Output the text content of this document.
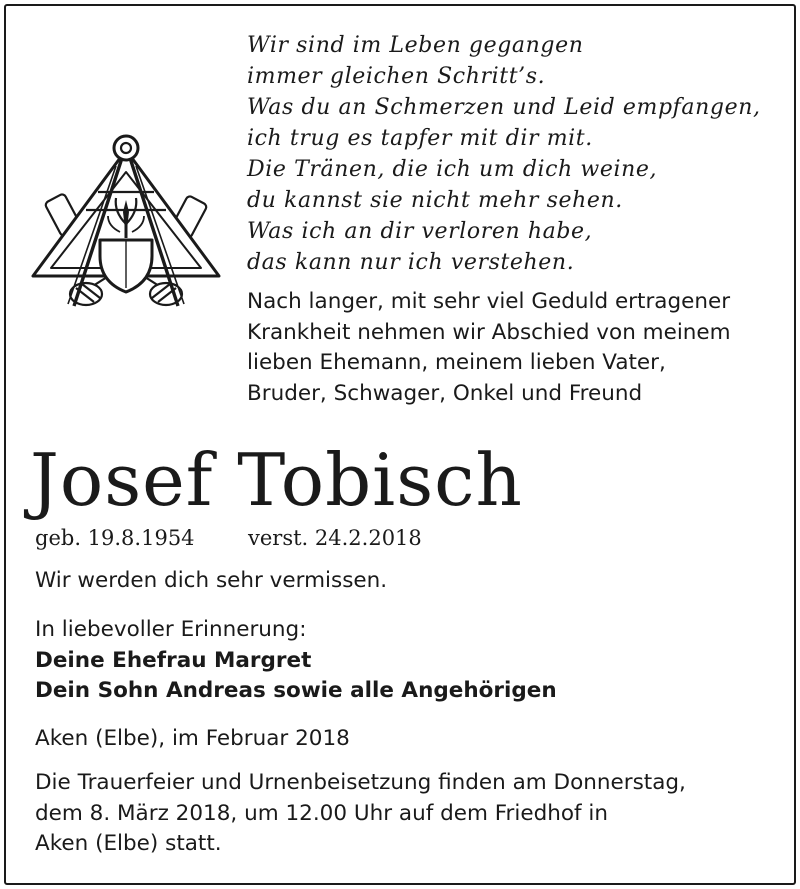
Wir sind im Leben gegangen
immer gleichen Schritt’s.
Was du an Schmerzen und Leid empfangen,
ich trug es tapfer mit dir mit.
Die Tränen, die ich um dich weine,
du kannst sie nicht mehr sehen.
Was ich an dir verloren habe,
das kann nur ich verstehen.
Nach langer, mit sehr viel Geduld ertragener
Krankheit nehmen wir Abschied von meinem
lieben Ehemann, meinem lieben Vater,
Bruder, Schwager, Onkel und Freund
Josef Tobisch
geb. 19.8.1954	verst. 24.2.2018
Wir werden dich sehr vermissen.
In liebevoller Erinnerung:
Deine Ehefrau Margret
Dein Sohn Andreas sowie alle Angehörigen
Aken (Elbe), im Februar 2018
Die Trauerfeier und Urnenbeisetzung finden am Donnerstag,
dem 8. März 2018, um 12.00 Uhr auf dem Friedhof in
Aken (Elbe) statt.
